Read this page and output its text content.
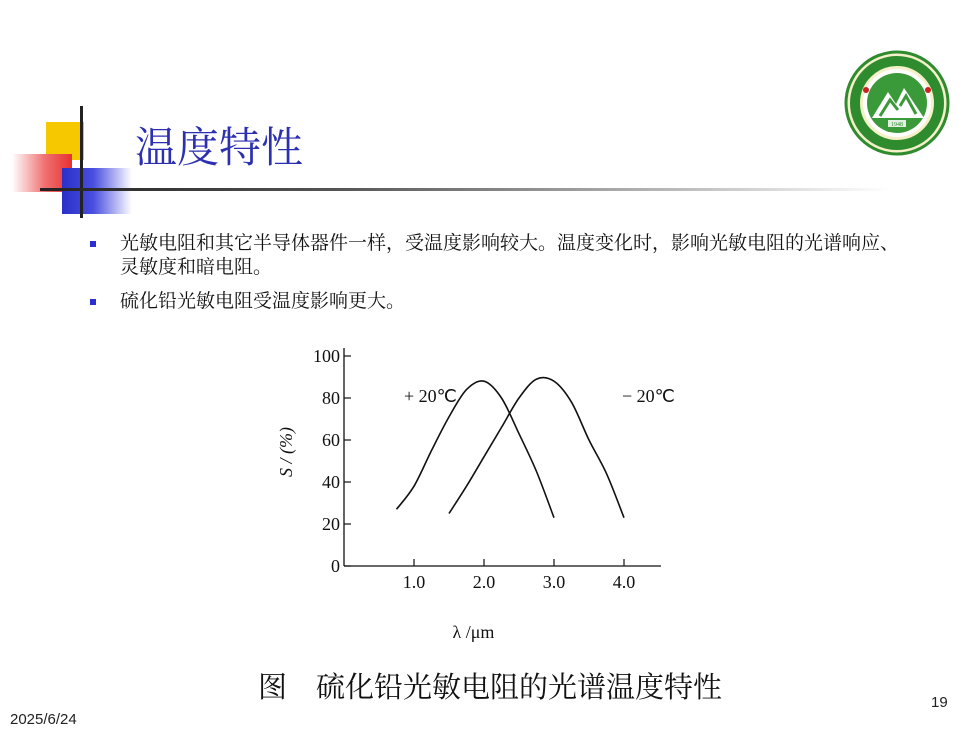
温度特性	1948
光敏电阻和其它半导体器件一样，受温度影响较大。温度变化时，影响光敏电阻的光谱响应、灵敏度和暗电阻。
硫化铅光敏电阻受温度影响更大。
0
20
40
60
80
100
1.0	2.0	3.0	4.0
+ 20℃	− 20℃
S / (%)
λ /μm

图　硫化铅光敏电阻的光谱温度特性

2025/6/24
19
